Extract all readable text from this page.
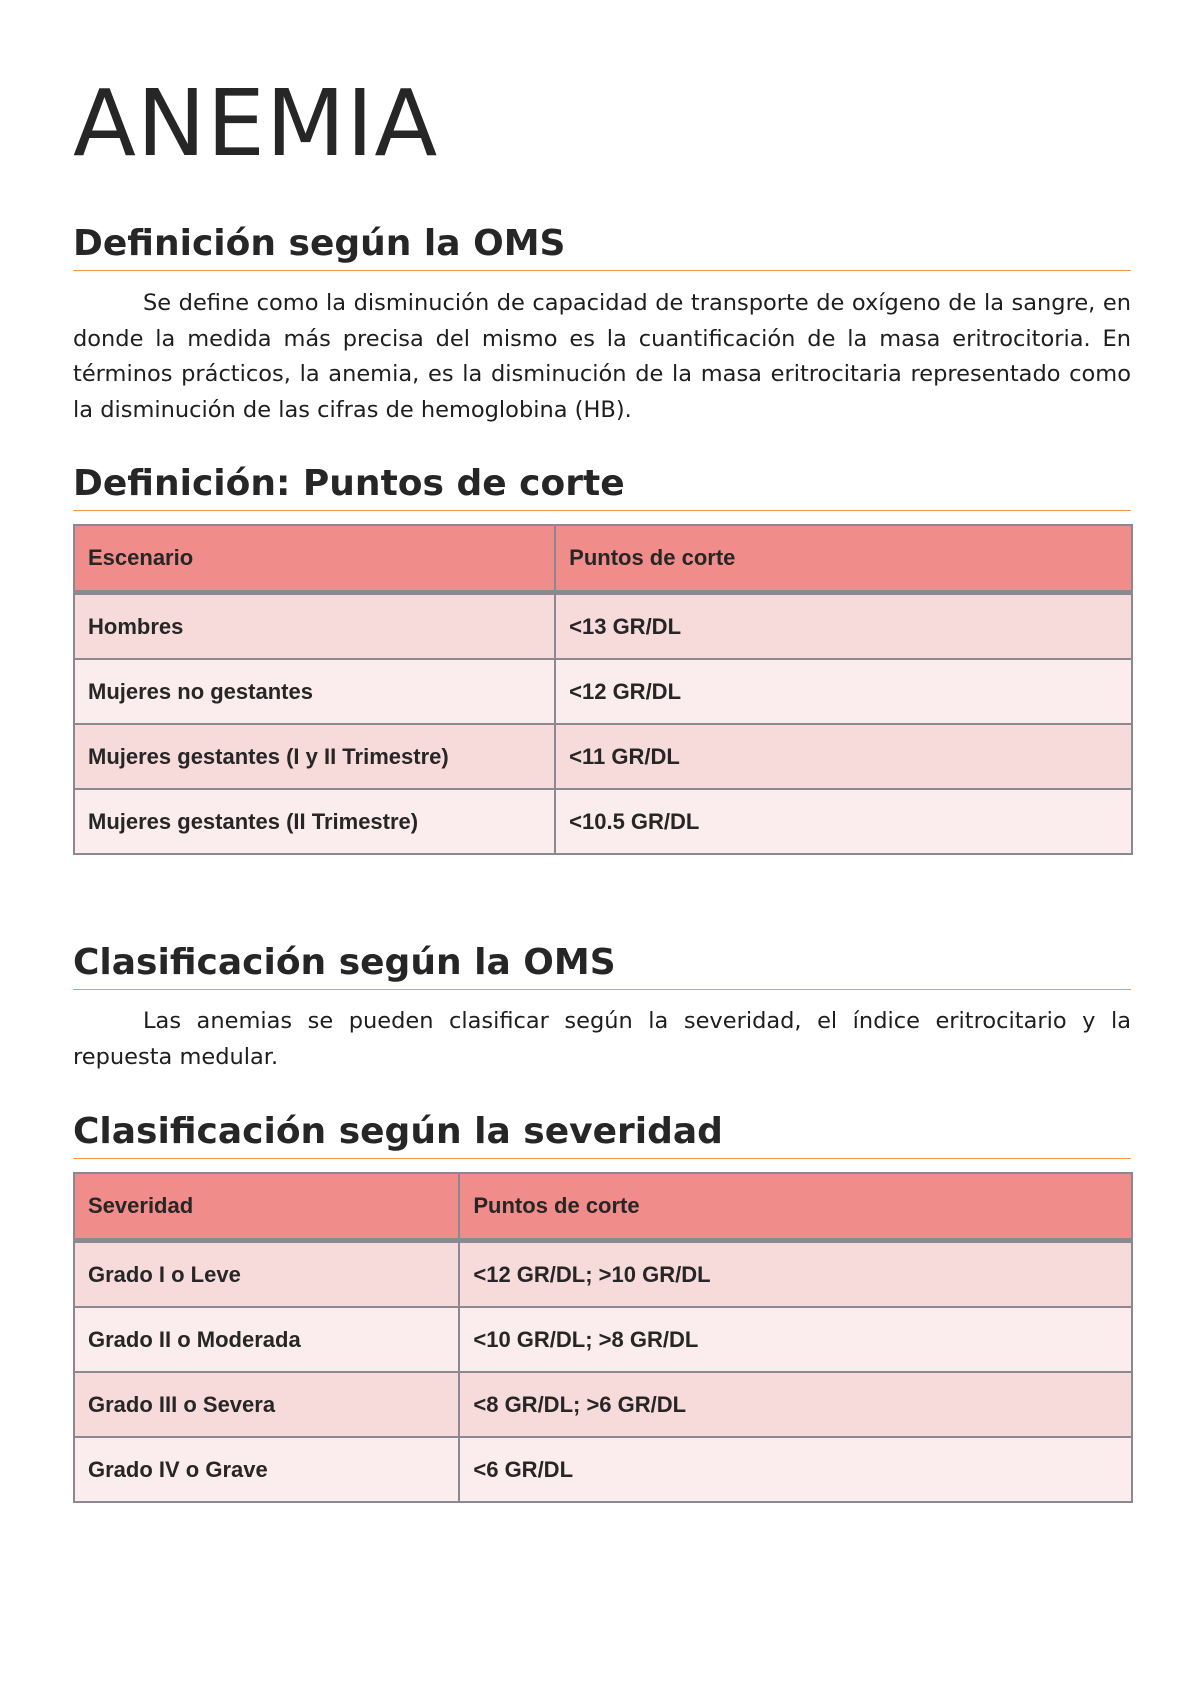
ANEMIA
Definición según la OMS

Se define como la disminución de capacidad de transporte de oxígeno de la sangre, en donde la medida más precisa del mismo es la cuantificación de la masa eritrocitoria. En términos prácticos, la anemia, es la disminución de la masa eritrocitaria representado como la disminución de las cifras de hemoglobina (HB).

Definición: Puntos de corte
Escenario	Puntos de corte
Hombres	<13 GR/DL
Mujeres no gestantes	<12 GR/DL
Mujeres gestantes (I y II Trimestre)	<11 GR/DL
Mujeres gestantes (II Trimestre)	<10.5 GR/DL
Clasificación según la OMS

Las anemias se pueden clasificar según la severidad, el índice eritrocitario y la repuesta medular.

Clasificación según la severidad
Severidad	Puntos de corte
Grado I o Leve	<12 GR/DL; >10 GR/DL
Grado II o Moderada	<10 GR/DL; >8 GR/DL
Grado III o Severa	<8 GR/DL; >6 GR/DL
Grado IV o Grave	<6 GR/DL
